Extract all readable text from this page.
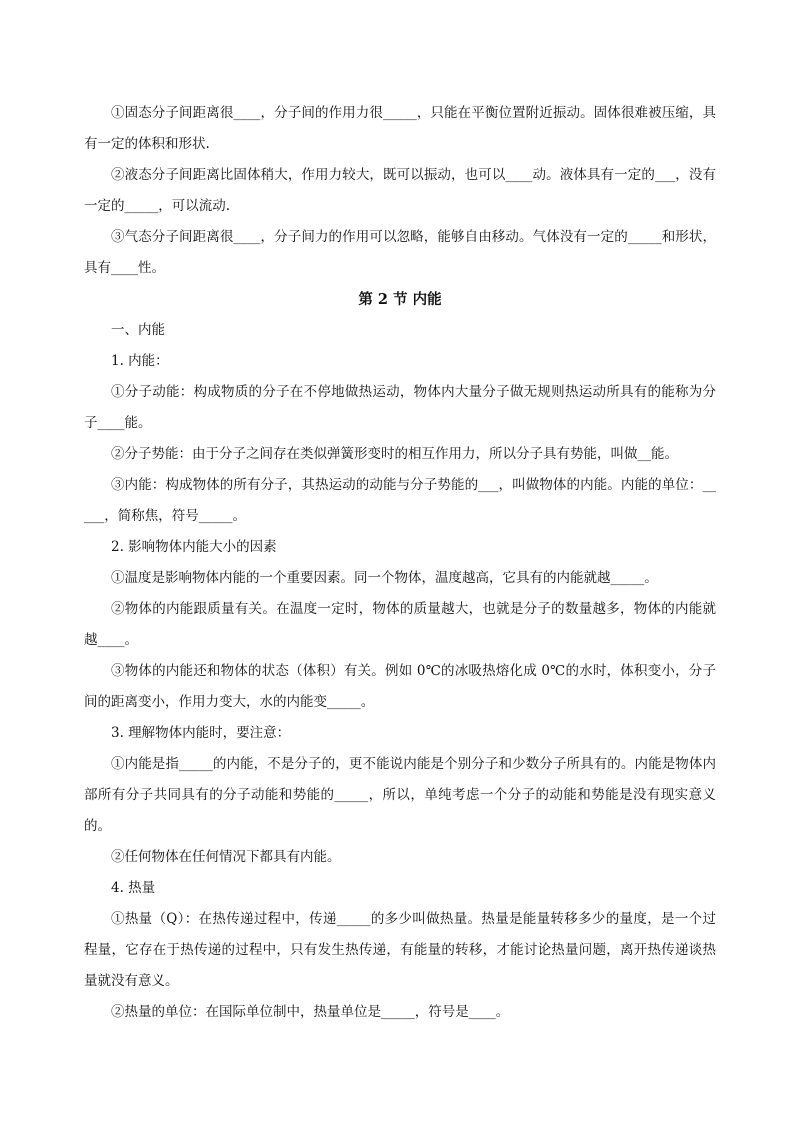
①固态分子间距离很____，分子间的作用力很_____，只能在平衡位置附近振动。固体很难被压缩，具有一定的体积和形状.

②液态分子间距离比固体稍大，作用力较大，既可以振动，也可以____动。液体具有一定的___，没有一定的_____，可以流动.

③气态分子间距离很____，分子间力的作用可以忽略，能够自由移动。气体没有一定的_____和形状，具有____性。

第 2 节 内能

一、内能

1. 内能：

①分子动能：构成物质的分子在不停地做热运动，物体内大量分子做无规则热运动所具有的能称为分子____能。

②分子势能：由于分子之间存在类似弹簧形变时的相互作用力，所以分子具有势能，叫做__能。

③内能：构成物体的所有分子，其热运动的动能与分子势能的___，叫做物体的内能。内能的单位：_____，简称焦，符号_____。

2. 影响物体内能大小的因素

①温度是影响物体内能的一个重要因素。同一个物体，温度越高，它具有的内能就越_____。

②物体的内能跟质量有关。在温度一定时，物体的质量越大，也就是分子的数量越多，物体的内能就越____。

③物体的内能还和物体的状态（体积）有关。例如 0℃的冰吸热熔化成 0℃的水时，体积变小，分子间的距离变小，作用力变大，水的内能变_____。

3. 理解物体内能时，要注意：

①内能是指_____的内能，不是分子的，更不能说内能是个别分子和少数分子所具有的。内能是物体内部所有分子共同具有的分子动能和势能的_____，所以，单纯考虑一个分子的动能和势能是没有现实意义的。

②任何物体在任何情况下都具有内能。

4. 热量

①热量（Q）：在热传递过程中，传递_____的多少叫做热量。热量是能量转移多少的量度，是一个过程量，它存在于热传递的过程中，只有发生热传递，有能量的转移，才能讨论热量问题，离开热传递谈热量就没有意义。

②热量的单位：在国际单位制中，热量单位是_____，符号是____。
